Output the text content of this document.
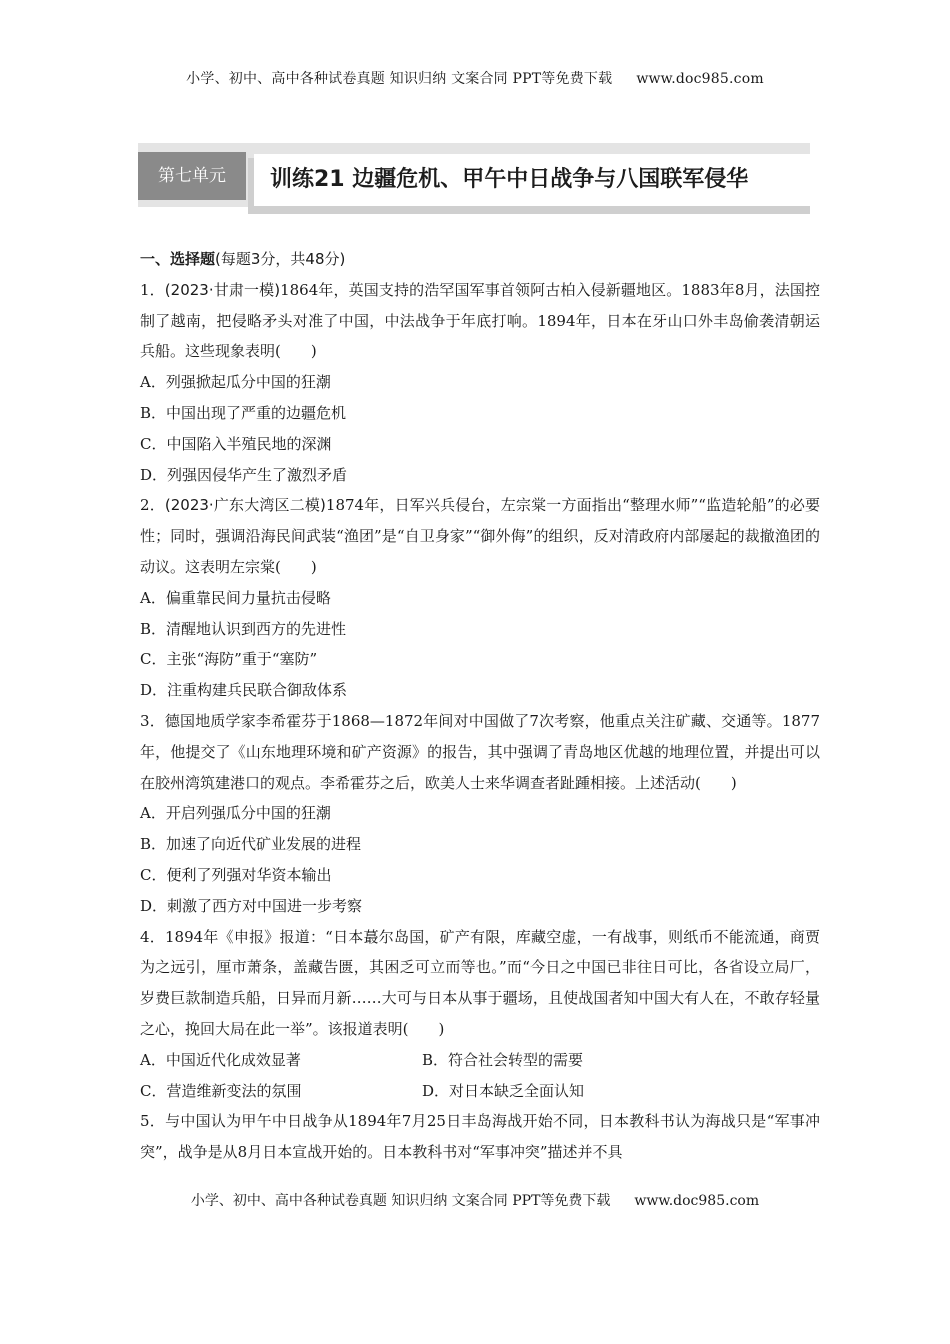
小学、初中、高中各种试卷真题 知识归纳 文案合同 PPT等免费下载 www.doc985.com
第七单元	训练21 边疆危机、甲午中日战争与八国联军侵华

一、选择题(每题3分，共48分)

1．(2023·甘肃一模)1864年，英国支持的浩罕国军事首领阿古柏入侵新疆地区。1883年8月，法国控制了越南，把侵略矛头对准了中国，中法战争于年底打响。1894年，日本在牙山口外丰岛偷袭清朝运兵船。这些现象表明(　　)

A．列强掀起瓜分中国的狂潮

B．中国出现了严重的边疆危机

C．中国陷入半殖民地的深渊

D．列强因侵华产生了激烈矛盾

2．(2023·广东大湾区二模)1874年，日军兴兵侵台，左宗棠一方面指出“整理水师”“监造轮船”的必要性；同时，强调沿海民间武装“渔团”是“自卫身家”“御外侮”的组织，反对清政府内部屡起的裁撤渔团的动议。这表明左宗棠(　　)

A．偏重靠民间力量抗击侵略

B．清醒地认识到西方的先进性

C．主张“海防”重于“塞防”

D．注重构建兵民联合御敌体系

3．德国地质学家李希霍芬于1868—1872年间对中国做了7次考察，他重点关注矿藏、交通等。1877年，他提交了《山东地理环境和矿产资源》的报告，其中强调了青岛地区优越的地理位置，并提出可以在胶州湾筑建港口的观点。李希霍芬之后，欧美人士来华调查者趾踵相接。上述活动(　　)

A．开启列强瓜分中国的狂潮

B．加速了向近代矿业发展的进程

C．便利了列强对华资本输出

D．刺激了西方对中国进一步考察

4．1894年《申报》报道：“日本蕞尔岛国，矿产有限，库藏空虚，一有战事，则纸币不能流通，商贾为之远引，厘市萧条，盖藏告匮，其困乏可立而等也。”而“今日之中国已非往日可比，各省设立局厂，岁费巨款制造兵船，日异而月新……大可与日本从事于疆场，且使战国者知中国大有人在，不敢存轻量之心，挽回大局在此一举”。该报道表明(　　)

A．中国近代化成效显著	B．符合社会转型的需要

C．营造维新变法的氛围	D．对日本缺乏全面认知

5．与中国认为甲午中日战争从1894年7月25日丰岛海战开始不同，日本教科书认为海战只是“军事冲突”，战争是从8月日本宣战开始的。日本教科书对“军事冲突”描述并不具

小学、初中、高中各种试卷真题 知识归纳 文案合同 PPT等免费下载 www.doc985.com
